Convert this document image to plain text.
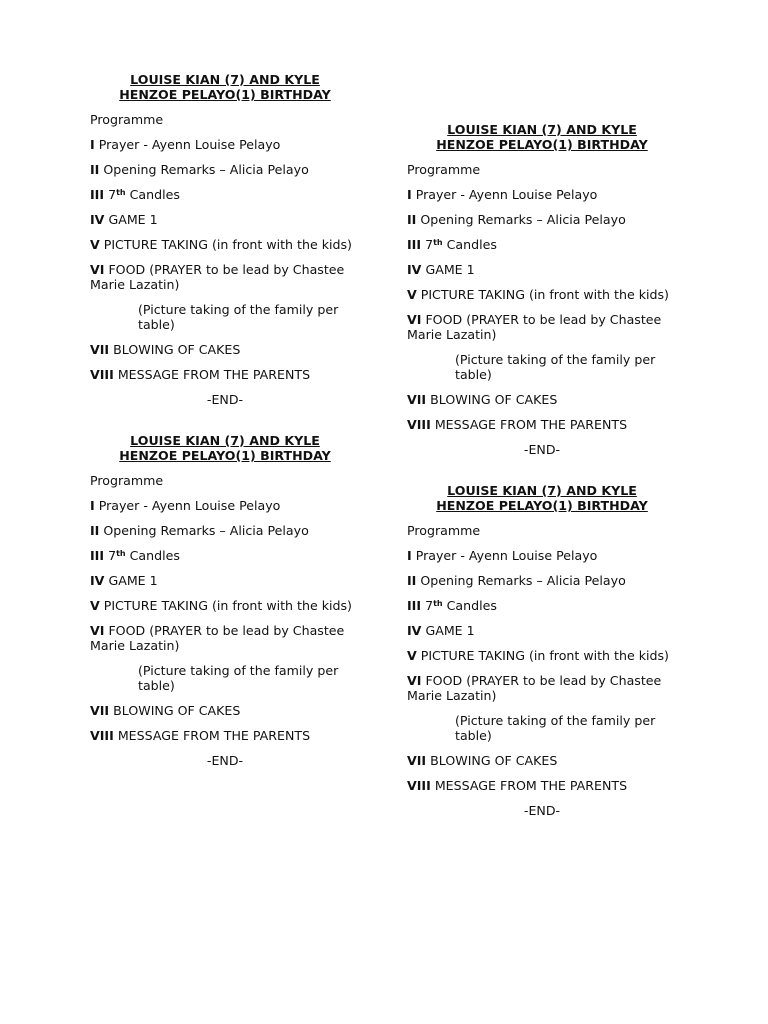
LOUISE KIAN (7) AND KYLE
HENZOE PELAYO(1) BIRTHDAY

Programme

I Prayer - Ayenn Louise Pelayo

II Opening Remarks – Alicia Pelayo

III 7th Candles

IV GAME 1

V PICTURE TAKING (in front with the kids)

VI FOOD (PRAYER to be lead by Chastee Marie Lazatin)

(Picture taking of the family per table)

VII BLOWING OF CAKES

VIII MESSAGE FROM THE PARENTS

-END-

LOUISE KIAN (7) AND KYLE
HENZOE PELAYO(1) BIRTHDAY

Programme

I Prayer - Ayenn Louise Pelayo

II Opening Remarks – Alicia Pelayo

III 7th Candles

IV GAME 1

V PICTURE TAKING (in front with the kids)

VI FOOD (PRAYER to be lead by Chastee Marie Lazatin)

(Picture taking of the family per table)

VII BLOWING OF CAKES

VIII MESSAGE FROM THE PARENTS

-END-

LOUISE KIAN (7) AND KYLE
HENZOE PELAYO(1) BIRTHDAY

Programme

I Prayer - Ayenn Louise Pelayo

II Opening Remarks – Alicia Pelayo

III 7th Candles

IV GAME 1

V PICTURE TAKING (in front with the kids)

VI FOOD (PRAYER to be lead by Chastee Marie Lazatin)

(Picture taking of the family per table)

VII BLOWING OF CAKES

VIII MESSAGE FROM THE PARENTS

-END-

LOUISE KIAN (7) AND KYLE
HENZOE PELAYO(1) BIRTHDAY

Programme

I Prayer - Ayenn Louise Pelayo

II Opening Remarks – Alicia Pelayo

III 7th Candles

IV GAME 1

V PICTURE TAKING (in front with the kids)

VI FOOD (PRAYER to be lead by Chastee Marie Lazatin)

(Picture taking of the family per table)

VII BLOWING OF CAKES

VIII MESSAGE FROM THE PARENTS

-END-
